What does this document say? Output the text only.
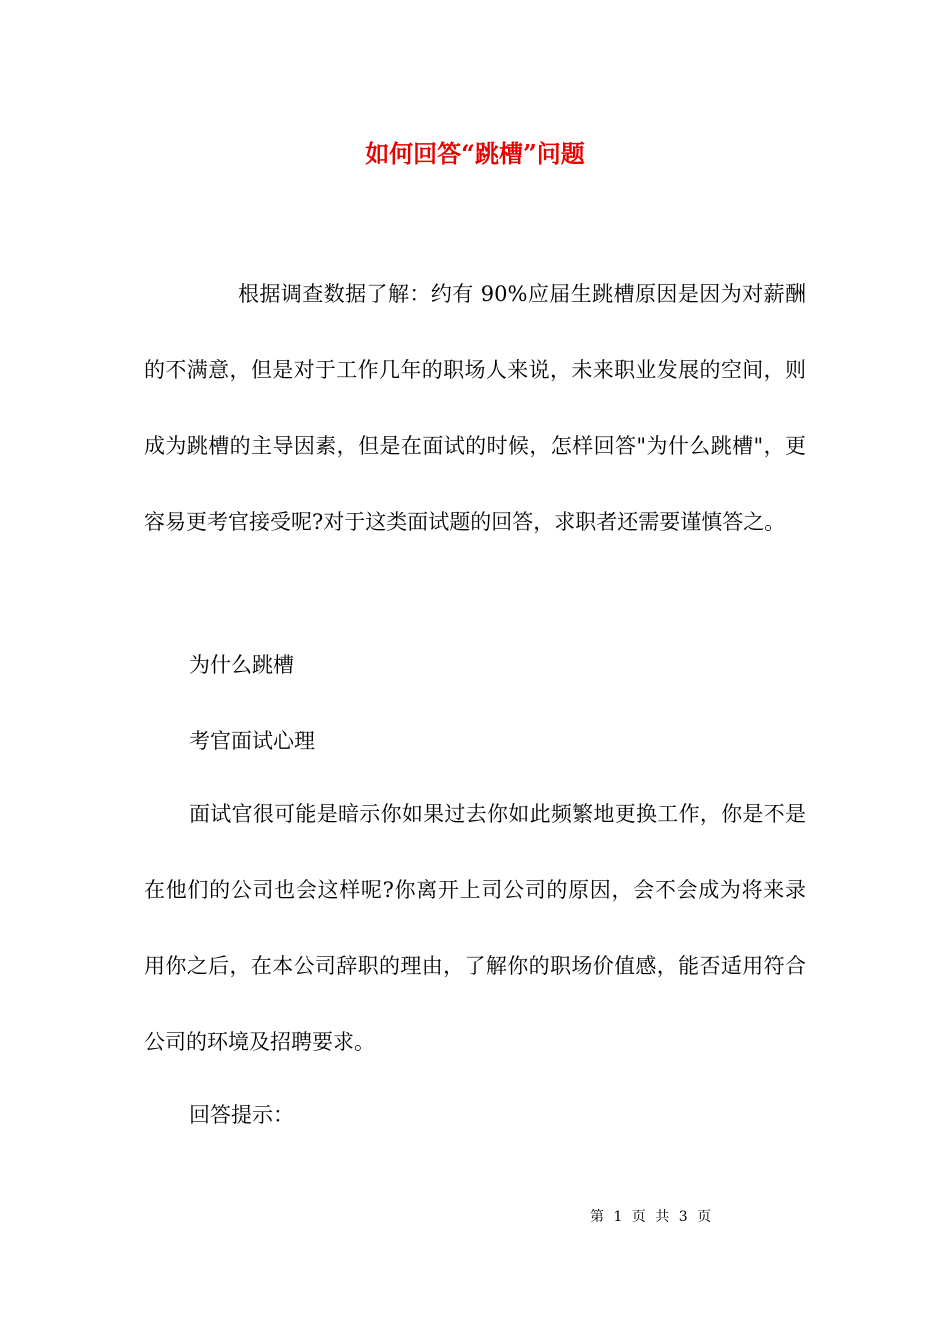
如何回答“跳槽”问题
根据调查数据了解：约有 90%应届生跳槽原因是因为对薪酬的不满意，但是对于工作几年的职场人来说，未来职业发展的空间，则成为跳槽的主导因素，但是在面试的时候，怎样回答"为什么跳槽"，更容易更考官接受呢?对于这类面试题的回答，求职者还需要谨慎答之。
为什么跳槽
考官面试心理
面试官很可能是暗示你如果过去你如此频繁地更换工作，你是不是在他们的公司也会这样呢?你离开上司公司的原因，会不会成为将来录用你之后，在本公司辞职的理由，了解你的职场价值感，能否适用符合公司的环境及招聘要求。
回答提示：
第 1 页 共 3 页
